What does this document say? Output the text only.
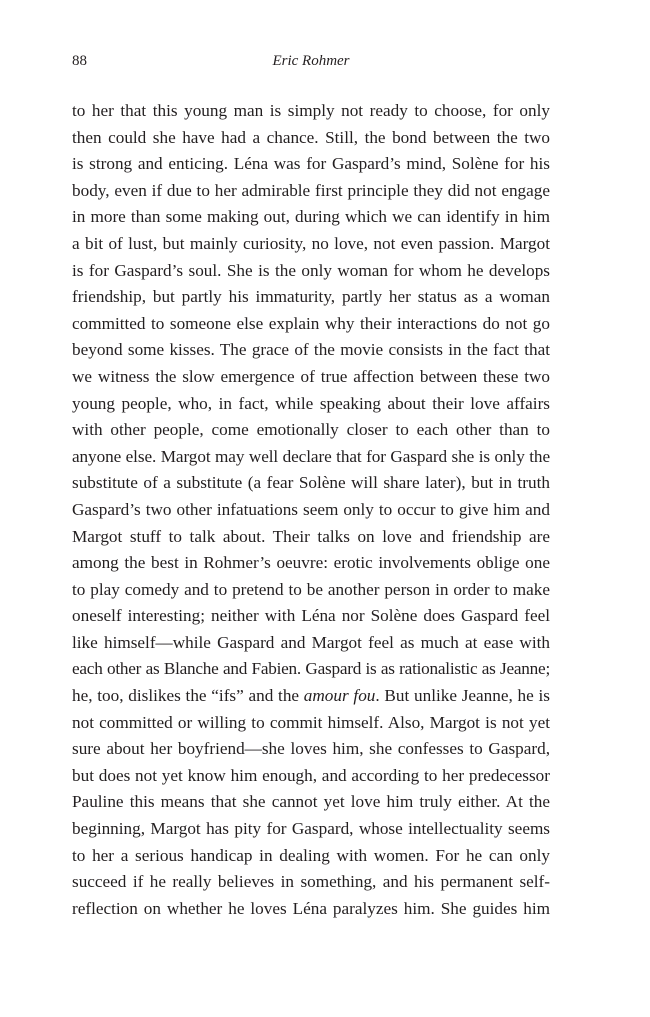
88	Eric Rohmer
to her that this young man is simply not ready to choose, for only
then could she have had a chance. Still, the bond between the two
is strong and enticing. Léna was for Gaspard’s mind, Solène for his
body, even if due to her admirable first principle they did not engage
in more than some making out, during which we can identify in him
a bit of lust, but mainly curiosity, no love, not even passion. Margot
is for Gaspard’s soul. She is the only woman for whom he develops
friendship, but partly his immaturity, partly her status as a woman
committed to someone else explain why their interactions do not go
beyond some kisses. The grace of the movie consists in the fact that
we witness the slow emergence of true affection between these two
young people, who, in fact, while speaking about their love affairs
with other people, come emotionally closer to each other than to
anyone else. Margot may well declare that for Gaspard she is only the
substitute of a substitute (a fear Solène will share later), but in truth
Gaspard’s two other infatuations seem only to occur to give him and
Margot stuff to talk about. Their talks on love and friendship are
among the best in Rohmer’s oeuvre: erotic involvements oblige one
to play comedy and to pretend to be another person in order to make
oneself interesting; neither with Léna nor Solène does Gaspard feel
like himself—while Gaspard and Margot feel as much at ease with
each other as Blanche and Fabien. Gaspard is as rationalistic as Jeanne;
he, too, dislikes the “ifs” and the amour fou. But unlike Jeanne, he is
not committed or willing to commit himself. Also, Margot is not yet
sure about her boyfriend—she loves him, she confesses to Gaspard,
but does not yet know him enough, and according to her predecessor
Pauline this means that she cannot yet love him truly either. At the
beginning, Margot has pity for Gaspard, whose intellectuality seems
to her a serious handicap in dealing with women. For he can only
succeed if he really believes in something, and his permanent self-
reflection on whether he loves Léna paralyzes him. She guides him
